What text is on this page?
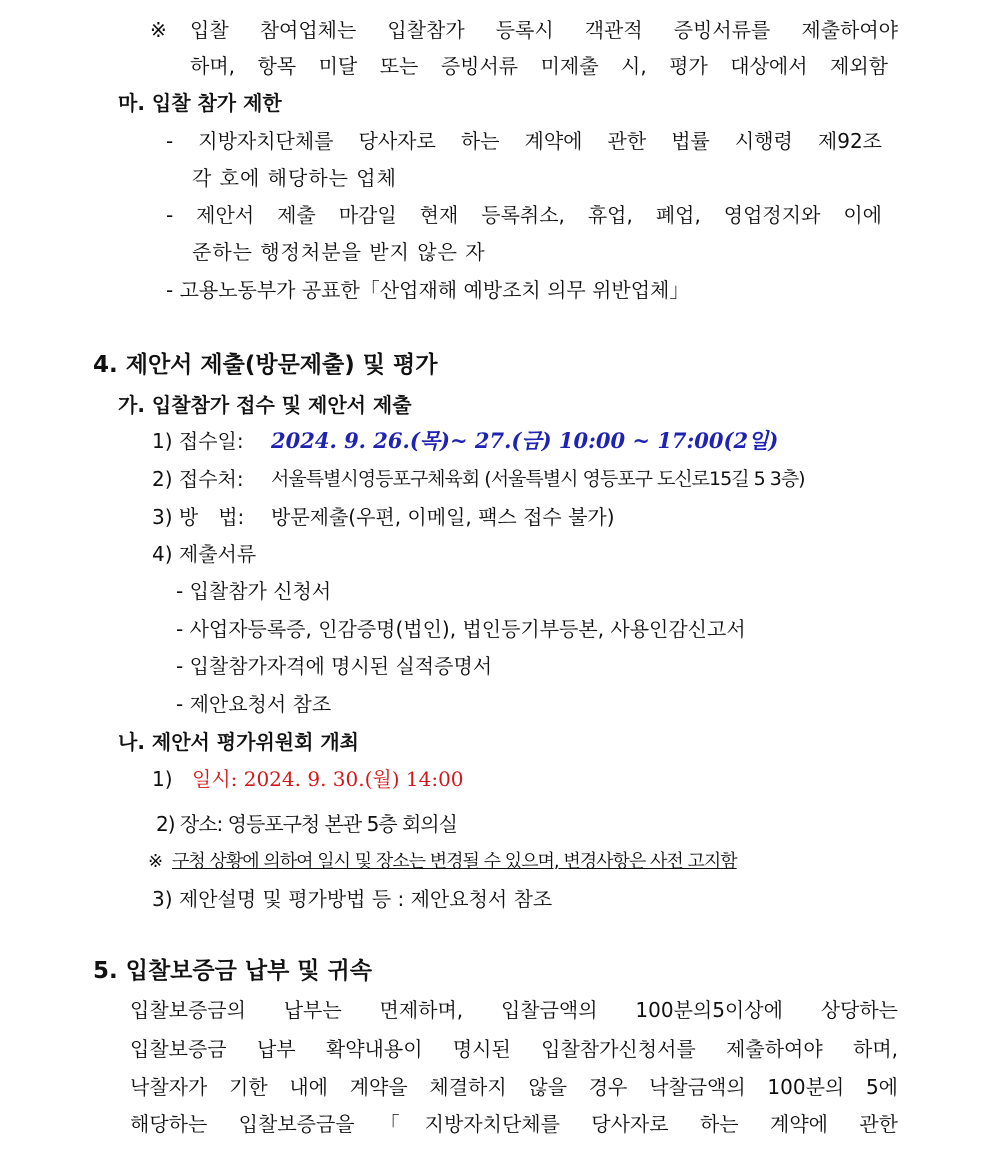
※ 입찰 참여업체는 입찰참가 등록시 객관적 증빙서류를 제출하여야
하며, 항목 미달 또는 증빙서류 미제출 시, 평가 대상에서 제외함
마. 입찰 참가 제한
- 지방자치단체를 당사자로 하는 계약에 관한 법률 시행령 제92조
각 호에 해당하는 업체
- 제안서 제출 마감일 현재 등록취소, 휴업, 폐업, 영업정지와 이에
준하는 행정처분을 받지 않은 자
- 고용노동부가 공표한「산업재해 예방조치 의무 위반업체」
4. 제안서 제출(방문제출) 및 평가
가. 입찰참가 접수 및 제안서 제출
1) 접수일: 2024. 9. 26.(목)~ 27.(금) 10:00 ~ 17:00(2일)
2) 접수처: 서울특별시영등포구체육회 (서울특별시 영등포구 도신로15길 5 3층)
3) 방　법: 방문제출(우편, 이메일, 팩스 접수 불가)
4) 제출서류
- 입찰참가 신청서
- 사업자등록증, 인감증명(법인), 법인등기부등본, 사용인감신고서
- 입찰참가자격에 명시된 실적증명서
- 제안요청서 참조
나. 제안서 평가위원회 개최
1) 일시: 2024. 9. 30.(월) 14:00
2) 장소: 영등포구청 본관 5층 회의실
※ 구청 상황에 의하여 일시 및 장소는 변경될 수 있으며, 변경사항은 사전 고지함
3) 제안설명 및 평가방법 등 : 제안요청서 참조
5. 입찰보증금 납부 및 귀속
입찰보증금의 납부는 면제하며, 입찰금액의 100분의5이상에 상당하는
입찰보증금 납부 확약내용이 명시된 입찰참가신청서를 제출하여야 하며,
낙찰자가 기한 내에 계약을 체결하지 않을 경우 낙찰금액의 100분의 5에
해당하는 입찰보증금을「지방자치단체를 당사자로 하는 계약에 관한
